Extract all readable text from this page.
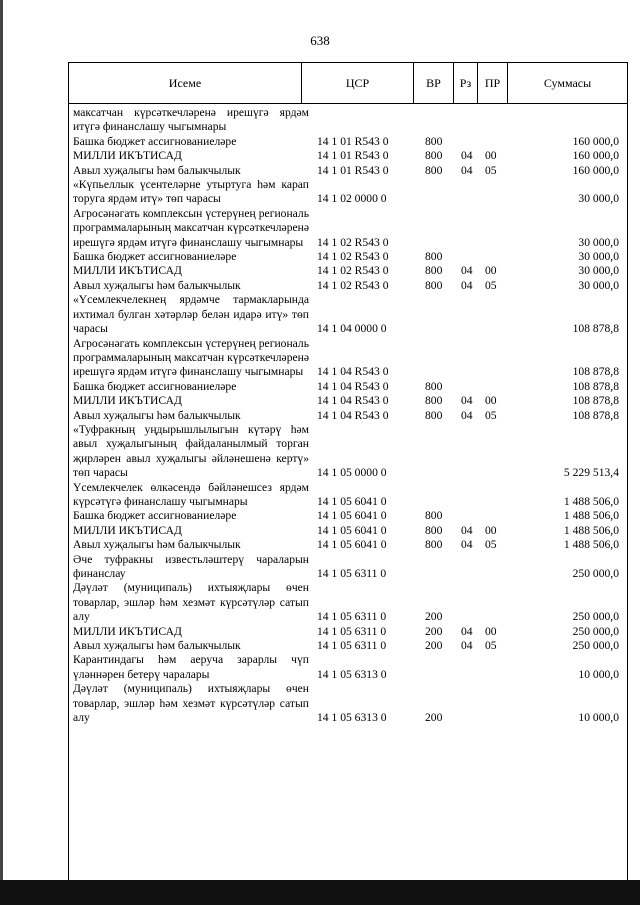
638
Исеме	ЦСР	ВР	Рз	ПР	Суммасы
максатчан күрсәткечләренә ирешүгә ярдәм итүгә финанслашу чыгымнары
Башка бюджет ассигнованиеләре	14 1 01 R543 0	800	160 000,0
МИЛЛИ ИКЪТИСАД	14 1 01 R543 0	800 04 00	160 000,0
Авыл хуҗалыгы һәм балыкчылык	14 1 01 R543 0	800 04 05	160 000,0
«Күпьеллык үсентеләрне утыртуга һәм карап торуга ярдәм итү» төп чарасы	14 1 02 0000 0	30 000,0
Агросәнәгать комплексын үстерүнең региональ программаларының максатчан күрсәткечләренә ирешүгә ярдәм итүгә финанслашу чыгымнары	14 1 02 R543 0	30 000,0
Башка бюджет ассигнованиеләре	14 1 02 R543 0	800	30 000,0
МИЛЛИ ИКЪТИСАД	14 1 02 R543 0	800 04 00	30 000,0
Авыл хуҗалыгы һәм балыкчылык	14 1 02 R543 0	800 04 05	30 000,0
«Үсемлекчелекнең ярдәмче тармакларында ихтимал булган хәтәрләр белән идарә итү» төп чарасы	14 1 04 0000 0	108 878,8
Агросәнәгать комплексын үстерүнең региональ программаларының максатчан күрсәткечләренә ирешүгә ярдәм итүгә финанслашу чыгымнары	14 1 04 R543 0	108 878,8
Башка бюджет ассигнованиеләре	14 1 04 R543 0	800	108 878,8
МИЛЛИ ИКЪТИСАД	14 1 04 R543 0	800 04 00	108 878,8
Авыл хуҗалыгы һәм балыкчылык	14 1 04 R543 0	800 04 05	108 878,8
«Туфракның уңдырышлылыгын күтәрү һәм авыл хуҗалыгының файдаланылмый торган җирләрен авыл хуҗалыгы әйләнешенә кертү» төп чарасы	14 1 05 0000 0	5 229 513,4
Үсемлекчелек өлкәсендә бәйләнешсез ярдәм күрсәтүгә финанслашу чыгымнары	14 1 05 6041 0	1 488 506,0
Башка бюджет ассигнованиеләре	14 1 05 6041 0	800	1 488 506,0
МИЛЛИ ИКЪТИСАД	14 1 05 6041 0	800 04 00	1 488 506,0
Авыл хуҗалыгы һәм балыкчылык	14 1 05 6041 0	800 04 05	1 488 506,0
Әче туфракны известьләштерү чараларын финанслау	14 1 05 6311 0	250 000,0
Дәүләт (муниципаль) ихтыяҗлары өчен товарлар, эшләр һәм хезмәт күрсәтүләр сатып алу	14 1 05 6311 0	200	250 000,0
МИЛЛИ ИКЪТИСАД	14 1 05 6311 0	200 04 00	250 000,0
Авыл хуҗалыгы һәм балыкчылык	14 1 05 6311 0	200 04 05	250 000,0
Карантиндагы һәм аеруча зарарлы чүп үләннәрен бетерү чаралары	14 1 05 6313 0	10 000,0
Дәүләт (муниципаль) ихтыяҗлары өчен товарлар, эшләр һәм хезмәт күрсәтүләр сатып алу	14 1 05 6313 0	200	10 000,0
